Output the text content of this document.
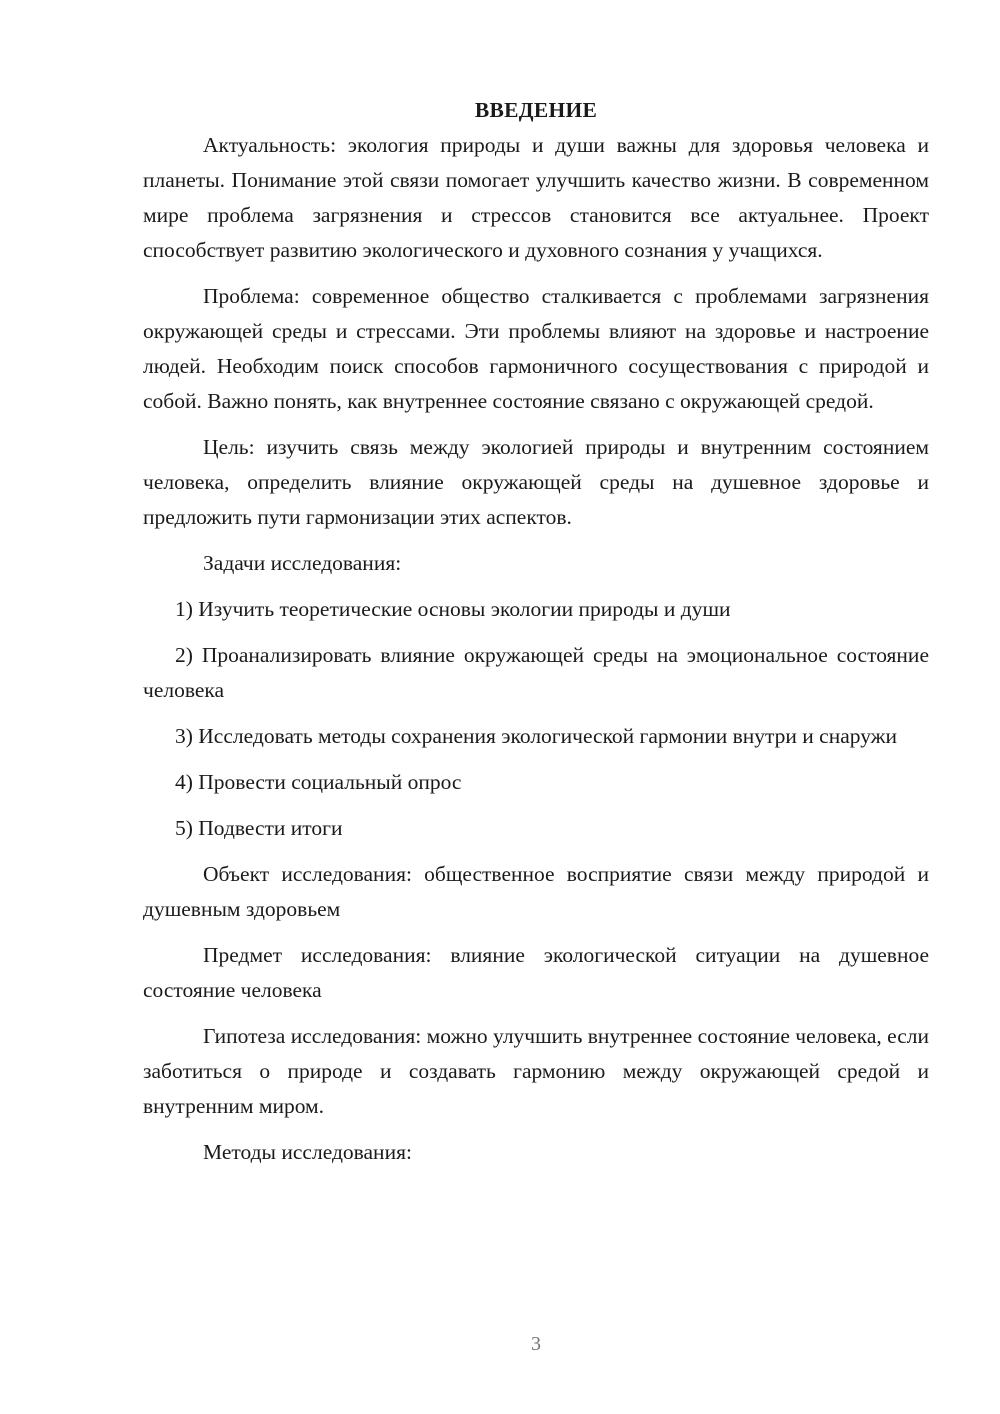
ВВЕДЕНИЕ

Актуальность: экология природы и души важны для здоровья человека и планеты. Понимание этой связи помогает улучшить качество жизни. В современном мире проблема загрязнения и стрессов становится все актуальнее. Проект способствует развитию экологического и духовного сознания у учащихся.

Проблема: современное общество сталкивается с проблемами загрязнения окружающей среды и стрессами. Эти проблемы влияют на здоровье и настроение людей. Необходим поиск способов гармоничного сосуществования с природой и собой. Важно понять, как внутреннее состояние связано с окружающей средой.

Цель: изучить связь между экологией природы и внутренним состоянием человека, определить влияние окружающей среды на душевное здоровье и предложить пути гармонизации этих аспектов.

Задачи исследования:

1) Изучить теоретические основы экологии природы и души

2) Проанализировать влияние окружающей среды на эмоциональное состояние человека

3) Исследовать методы сохранения экологической гармонии внутри и снаружи

4) Провести социальный опрос

5) Подвести итоги

Объект исследования: общественное восприятие связи между природой и душевным здоровьем

Предмет исследования: влияние экологической ситуации на душевное состояние человека

Гипотеза исследования: можно улучшить внутреннее состояние человека, если заботиться о природе и создавать гармонию между окружающей средой и внутренним миром.

Методы исследования:

3
